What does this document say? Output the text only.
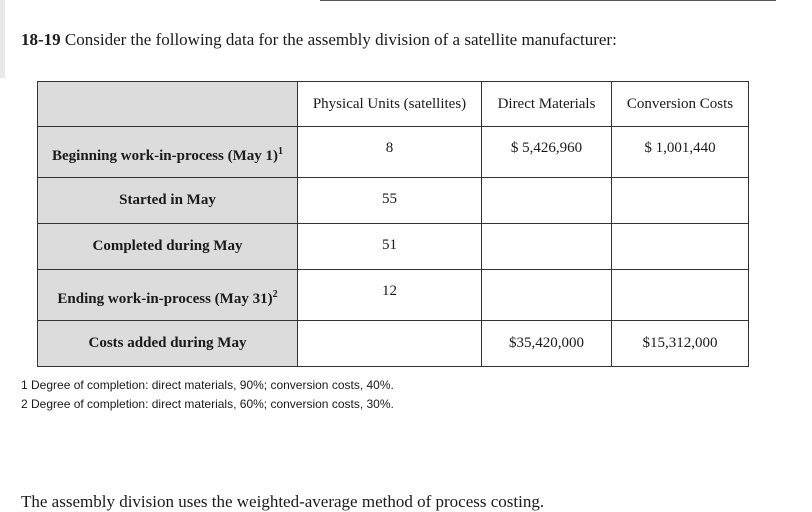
18-19 Consider the following data for the assembly division of a satellite manufacturer:
	Physical Units (satellites)	Direct Materials	Conversion Costs
Beginning work-in-process (May 1)$^1$	8	$ 5,426,960	$ 1,001,440
Started in May	55		
Completed during May	51		
Ending work-in-process (May 31)$^2$	12		
Costs added during May		$35,420,000	$15,312,000
1 Degree of completion: direct materials, 90%; conversion costs, 40%.
2 Degree of completion: direct materials, 60%; conversion costs, 30%.
The assembly division uses the weighted-average method of process costing.
